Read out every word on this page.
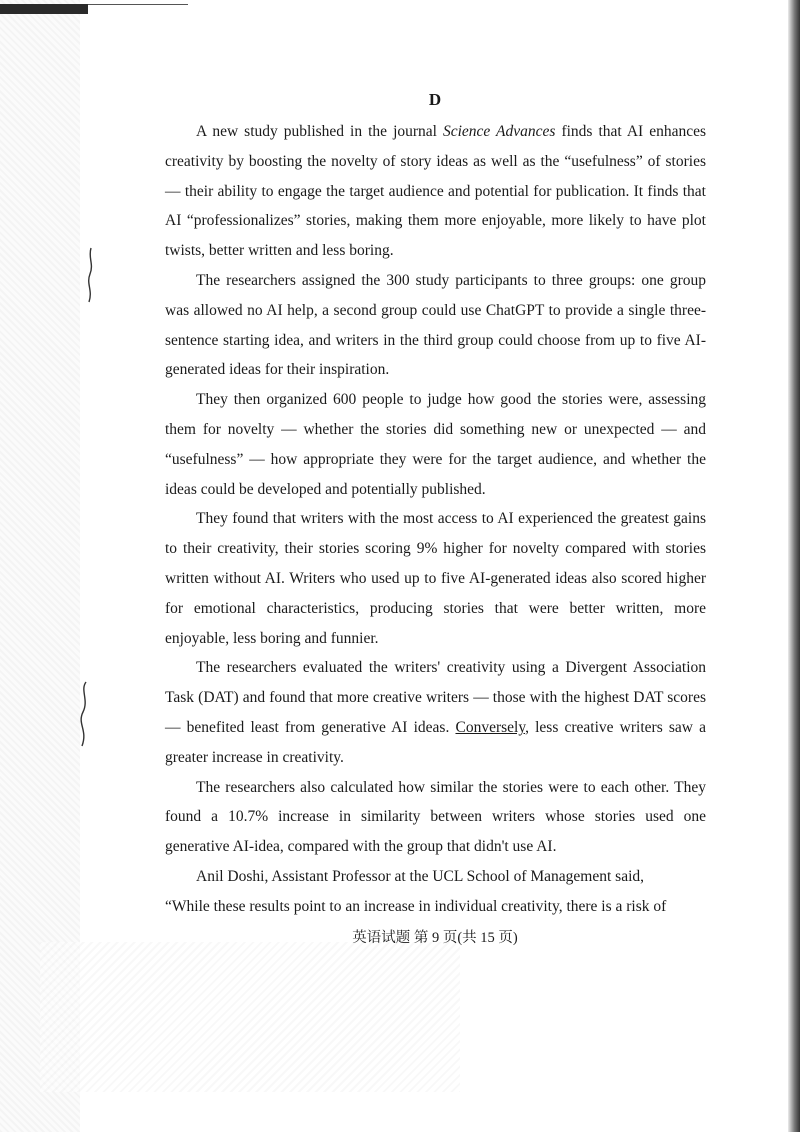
D

A new study published in the journal Science Advances finds that AI enhances creativity by boosting the novelty of story ideas as well as the “usefulness” of stories — their ability to engage the target audience and potential for publication. It finds that AI “professionalizes” stories, making them more enjoyable, more likely to have plot twists, better written and less boring.

The researchers assigned the 300 study participants to three groups: one group was allowed no AI help, a second group could use ChatGPT to provide a single three-sentence starting idea, and writers in the third group could choose from up to five AI-generated ideas for their inspiration.

They then organized 600 people to judge how good the stories were, assessing them for novelty — whether the stories did something new or unexpected — and “usefulness” — how appropriate they were for the target audience, and whether the ideas could be developed and potentially published.

They found that writers with the most access to AI experienced the greatest gains to their creativity, their stories scoring 9% higher for novelty compared with stories written without AI. Writers who used up to five AI-generated ideas also scored higher for emotional characteristics, producing stories that were better written, more enjoyable, less boring and funnier.

The researchers evaluated the writers' creativity using a Divergent Association Task (DAT) and found that more creative writers — those with the highest DAT scores — benefited least from generative AI ideas. Conversely, less creative writers saw a greater increase in creativity.

The researchers also calculated how similar the stories were to each other. They found a 10.7% increase in similarity between writers whose stories used one generative AI-idea, compared with the group that didn't use AI.

Anil Doshi, Assistant Professor at the UCL School of Management said,

“While these results point to an increase in individual creativity, there is a risk of

英语试题 第 9 页(共 15 页)
